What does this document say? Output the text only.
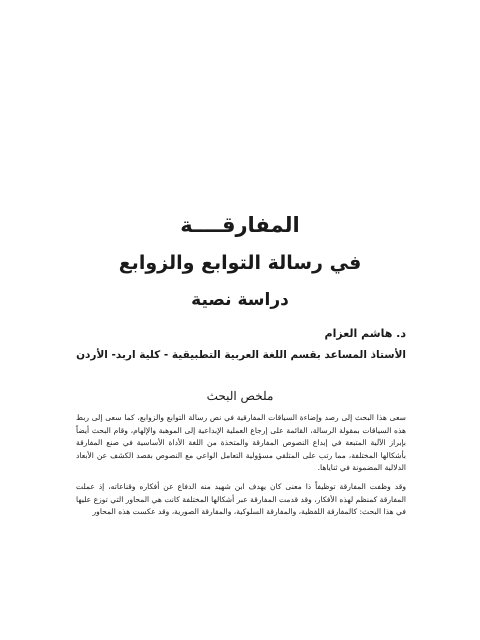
المفارقــــة
في رسالة التوابع والزوابع
دراسة نصية
د. هاشم العزام
الأستاذ المساعد بقسم اللغة العربية التطبيقية - كلية اربد- الأردن
ملخص البحث

سعى هذا البحث إلى رصد وإضاءة السياقات المفارقية في نص رسالة التوابع والزوابع، كما سعى إلى ربط هذه السياقات بمقولة الرسالة، القائمة على إرجاع العملية الإبداعية إلى الموهبة والإلهام، وقام البحث أيضاً بإبراز الآلية المتبعة في إبداع النصوص المفارقة والمتخذة من اللغة الأداة الأساسية في صنع المفارقة بأشكالها المختلفة، مما رتب على المتلقي مسؤولية التعامل الواعي مع النصوص بقصد الكشف عن الأبعاد الدلالية المضمونة في ثناياها.

وقد وظفت المفارقة توظيفاً ذا معنى كان يهدف ابن شهيد منه الدفاع عن أفكاره وقناعاته، إذ عملت المفارقة كمنظم لهذه الأفكار، وقد قدمت المفارقة عبر أشكالها المختلفة كانت هي المحاور التي توزع عليها في هذا البحث: كالمفارقة اللفظية، والمفارقة السلوكية، والمفارقة الصورية، وقد عكست هذه المحاور
